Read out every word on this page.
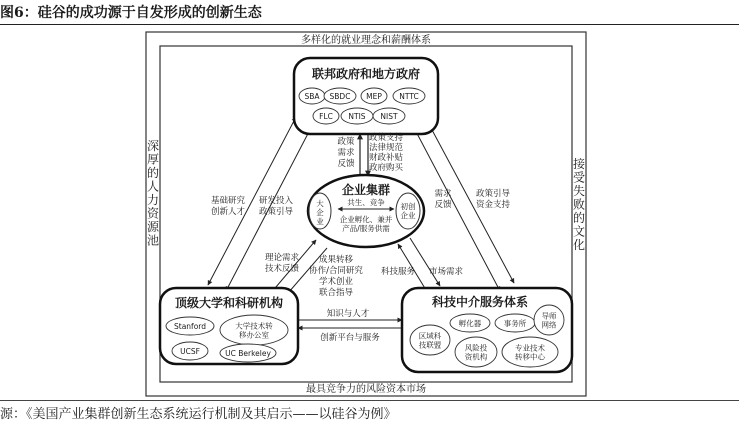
图6：硅谷的成功源于自发形成的创新生态
多样化的就业理念和薪酬体系
最具竞争力的风险资本市场
深厚的人力资源池
接受失败的文化
联邦政府和地方政府
SBA SBDC MEP NTTC
FLC NTIS NIST
企业集群
共生、竞争
大企业
初创企业
企业孵化、兼并产品/服务供需
顶级大学和科研机构
Stanford	大学技术转移办公室
UCSF	UC Berkeley
科技中介服务体系
孵化器	事务所
导师网络
区域科技联盟	风险投资机构
专业技术转移中心
政策需求反馈
政策支持法律规范财政补贴政府购买
基础研究创新人才
研发投入政策引导
需求反馈
政策引导资金支持
理论需求技术反馈
成果转移协作/合同研究学术创业联合指导
科技服务 市场需求
知识与人才
创新平台与服务
源：《美国产业集群创新生态系统运行机制及其启示——以硅谷为例》
